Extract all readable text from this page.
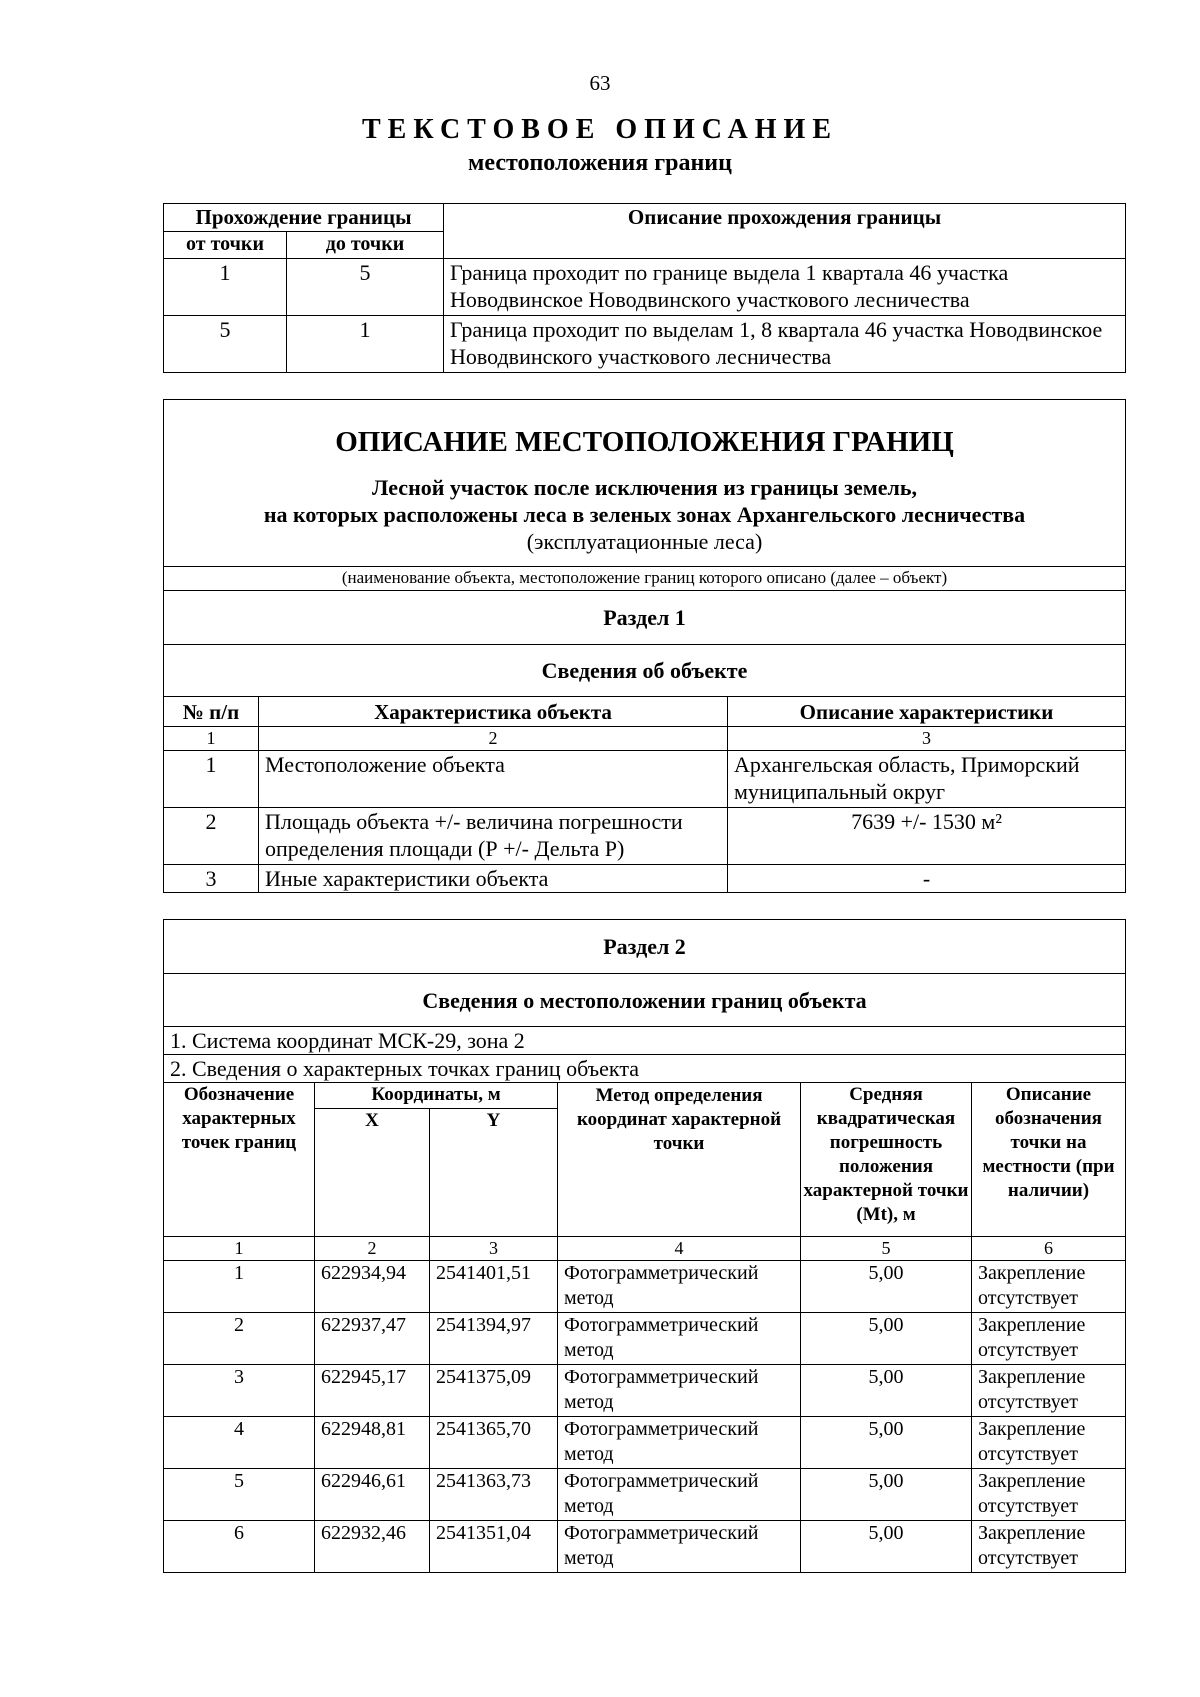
63
ТЕКСТОВОЕ ОПИСАНИЕ
местоположения границ
Прохождение границы		Описание прохождения границы
от точки	до точки	
1	5	Граница проходит по границе выдела 1 квартала 46 участка Новодвинское Новодвинского участкового лесничества
5	1	Граница проходит по выделам 1, 8 квартала 46 участка Новодвинское Новодвинского участкового лесничества
ОПИСАНИЕ МЕСТОПОЛОЖЕНИЯ ГРАНИЦ
Лесной участок после исключения из границы земель,
на которых расположены леса в зеленых зонах Архангельского лесничества
(эксплуатационные леса)		

(наименование объекта, местоположение границ которого описано (далее – объект)		
Раздел 1		
Сведения об объекте		
№ п/п	Характеристика объекта	Описание характеристики
1	2	3
1	Местоположение объекта	Архангельская область, Приморский муниципальный округ
2	Площадь объекта +/- величина погрешности определения площади (Р +/- Дельта Р)	7639 +/- 1530 м²
3	Иные характеристики объекта	-
Раздел 2					
Сведения о местоположении границ объекта					
1. Система координат МСК-29, зона 2					
2. Сведения о характерных точках границ объекта					
Обозначение характерных точек границ	Координаты, м		Метод определения координат характерной точки	Средняя квадратическая погрешность положения характерной точки (Mt), м	Описание обозначения точки на местности (при наличии)
	X	Y			
1	2	3	4	5	6
1	622934,94	2541401,51	Фотограмметрический метод	5,00	Закрепление отсутствует
2	622937,47	2541394,97	Фотограмметрический метод	5,00	Закрепление отсутствует
3	622945,17	2541375,09	Фотограмметрический метод	5,00	Закрепление отсутствует
4	622948,81	2541365,70	Фотограмметрический метод	5,00	Закрепление отсутствует
5	622946,61	2541363,73	Фотограмметрический метод	5,00	Закрепление отсутствует
6	622932,46	2541351,04	Фотограмметрический метод	5,00	Закрепление отсутствует
